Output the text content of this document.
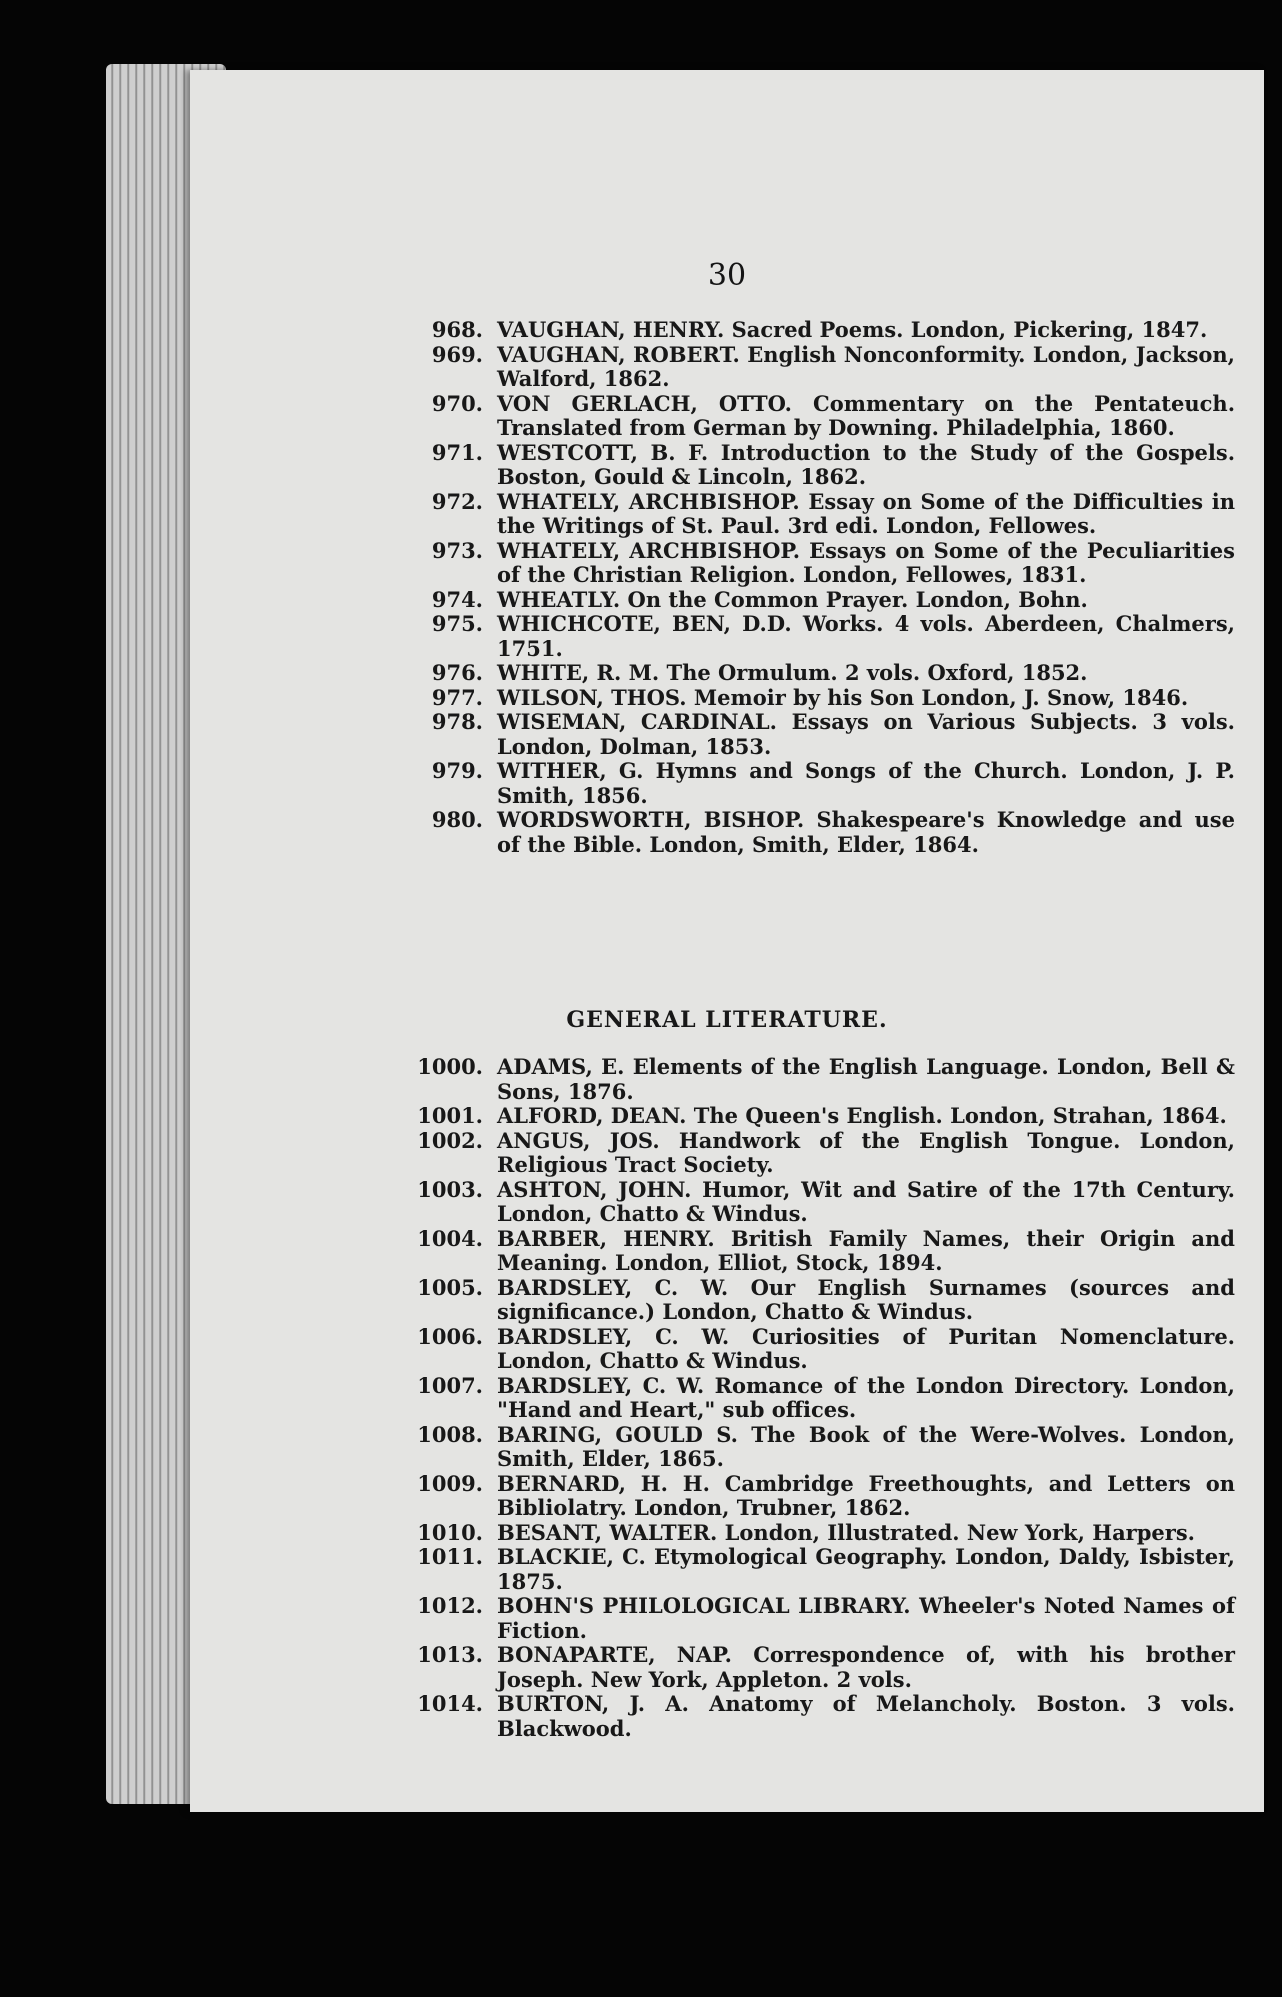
30

968. VAUGHAN, HENRY. Sacred Poems. London, Pickering, 1847.
969. VAUGHAN, ROBERT. English Nonconformity. London, Jackson, Walford, 1862.
970. VON GERLACH, OTTO. Commentary on the Pentateuch. Translated from German by Downing. Philadelphia, 1860.
971. WESTCOTT, B. F. Introduction to the Study of the Gospels. Boston, Gould & Lincoln, 1862.
972. WHATELY, ARCHBISHOP. Essay on Some of the Difficulties in the Writings of St. Paul. 3rd edi. London, Fellowes.
973. WHATELY, ARCHBISHOP. Essays on Some of the Peculiarities of the Christian Religion. London, Fellowes, 1831.
974. WHEATLY. On the Common Prayer. London, Bohn.
975. WHICHCOTE, BEN, D.D. Works. 4 vols. Aberdeen, Chalmers, 1751.
976. WHITE, R. M. The Ormulum. 2 vols. Oxford, 1852.
977. WILSON, THOS. Memoir by his Son London, J. Snow, 1846.
978. WISEMAN, CARDINAL. Essays on Various Subjects. 3 vols. London, Dolman, 1853.
979. WITHER, G. Hymns and Songs of the Church. London, J. P. Smith, 1856.
980. WORDSWORTH, BISHOP. Shakespeare's Knowledge and use of the Bible. London, Smith, Elder, 1864.

GENERAL LITERATURE.

1000. ADAMS, E. Elements of the English Language. London, Bell & Sons, 1876.
1001. ALFORD, DEAN. The Queen's English. London, Strahan, 1864.
1002. ANGUS, JOS. Handwork of the English Tongue. London, Religious Tract Society.
1003. ASHTON, JOHN. Humor, Wit and Satire of the 17th Century. London, Chatto & Windus.
1004. BARBER, HENRY. British Family Names, their Origin and Meaning. London, Elliot, Stock, 1894.
1005. BARDSLEY, C. W. Our English Surnames (sources and significance.) London, Chatto & Windus.
1006. BARDSLEY, C. W. Curiosities of Puritan Nomenclature. London, Chatto & Windus.
1007. BARDSLEY, C. W. Romance of the London Directory. London, "Hand and Heart," sub offices.
1008. BARING, GOULD S. The Book of the Were-Wolves. London, Smith, Elder, 1865.
1009. BERNARD, H. H. Cambridge Freethoughts, and Letters on Bibliolatry. London, Trubner, 1862.
1010. BESANT, WALTER. London, Illustrated. New York, Harpers.
1011. BLACKIE, C. Etymological Geography. London, Daldy, Isbister, 1875.
1012. BOHN'S PHILOLOGICAL LIBRARY. Wheeler's Noted Names of Fiction.
1013. BONAPARTE, NAP. Correspondence of, with his brother Joseph. New York, Appleton. 2 vols.
1014. BURTON, J. A. Anatomy of Melancholy. Boston. 3 vols. Blackwood.
